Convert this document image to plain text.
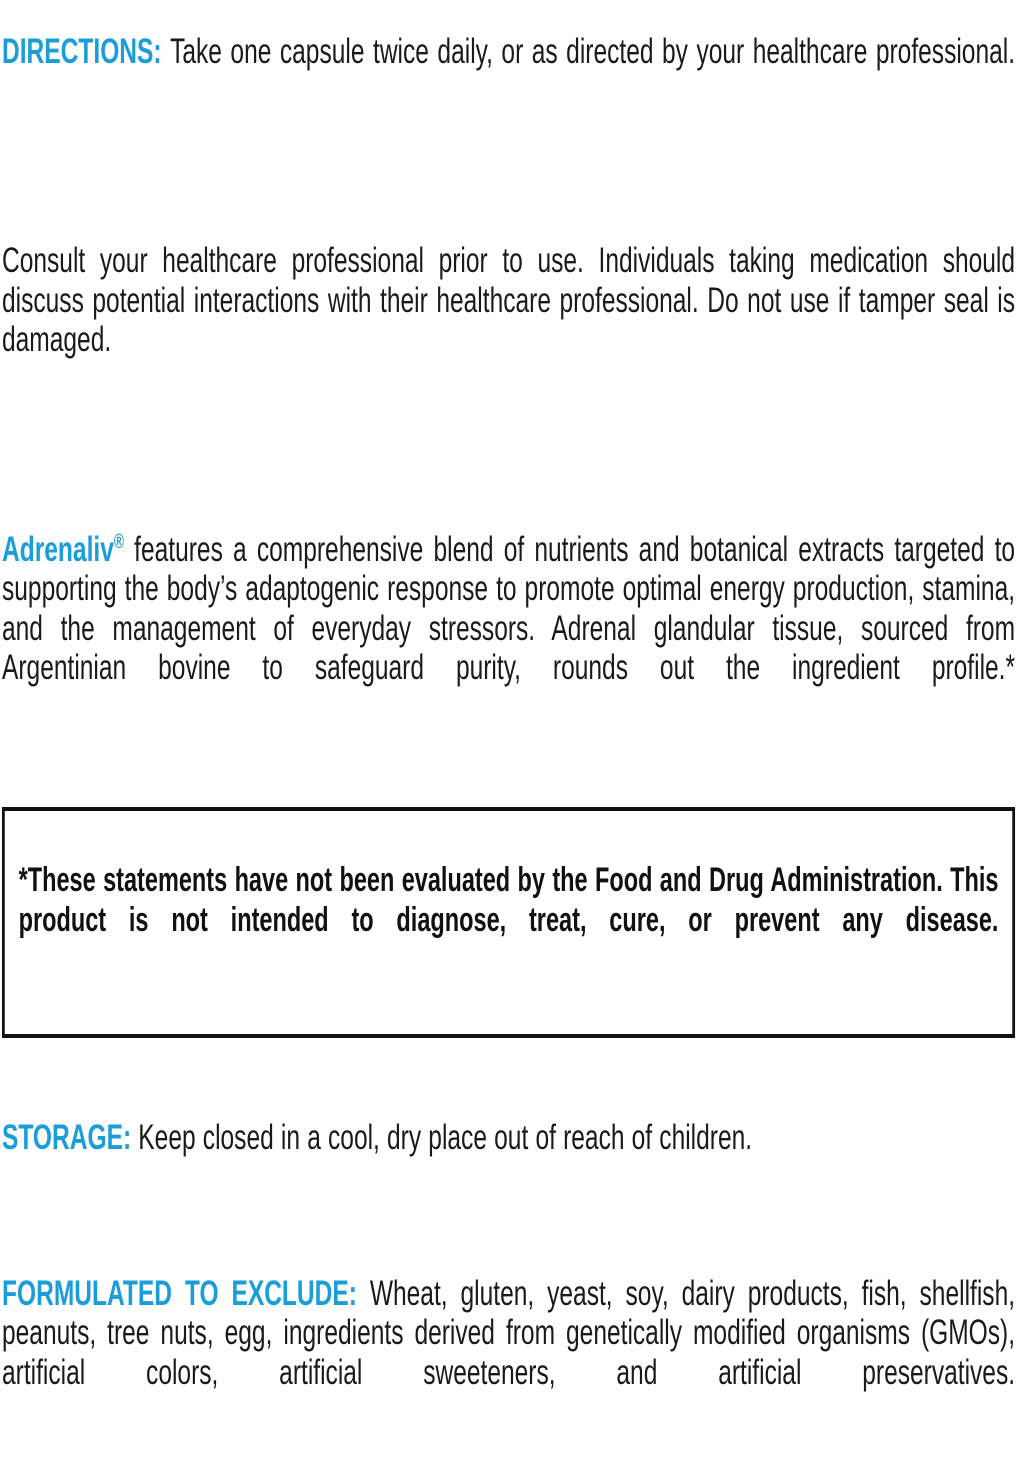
DIRECTIONS: Take one capsule twice daily, or as directed by your healthcare professional.

Consult your healthcare professional prior to use. Individuals taking medication should discuss potential interactions with their healthcare professional. Do not use if tamper seal is damaged.

Adrenaliv® features a comprehensive blend of nutrients and botanical extracts targeted to supporting the body’s adaptogenic response to promote optimal energy production, stamina, and the management of everyday stressors. Adrenal glandular tissue, sourced from Argentinian bovine to safeguard purity, rounds out the ingredient profile.*

*These statements have not been evaluated by the Food and Drug Administration. This product is not intended to diagnose, treat, cure, or prevent any disease.

STORAGE: Keep closed in a cool, dry place out of reach of children.

FORMULATED TO EXCLUDE: Wheat, gluten, yeast, soy, dairy products, fish, shellfish, peanuts, tree nuts, egg, ingredients derived from genetically modified organisms (GMOs), artificial colors, artificial sweeteners, and artificial preservatives.
